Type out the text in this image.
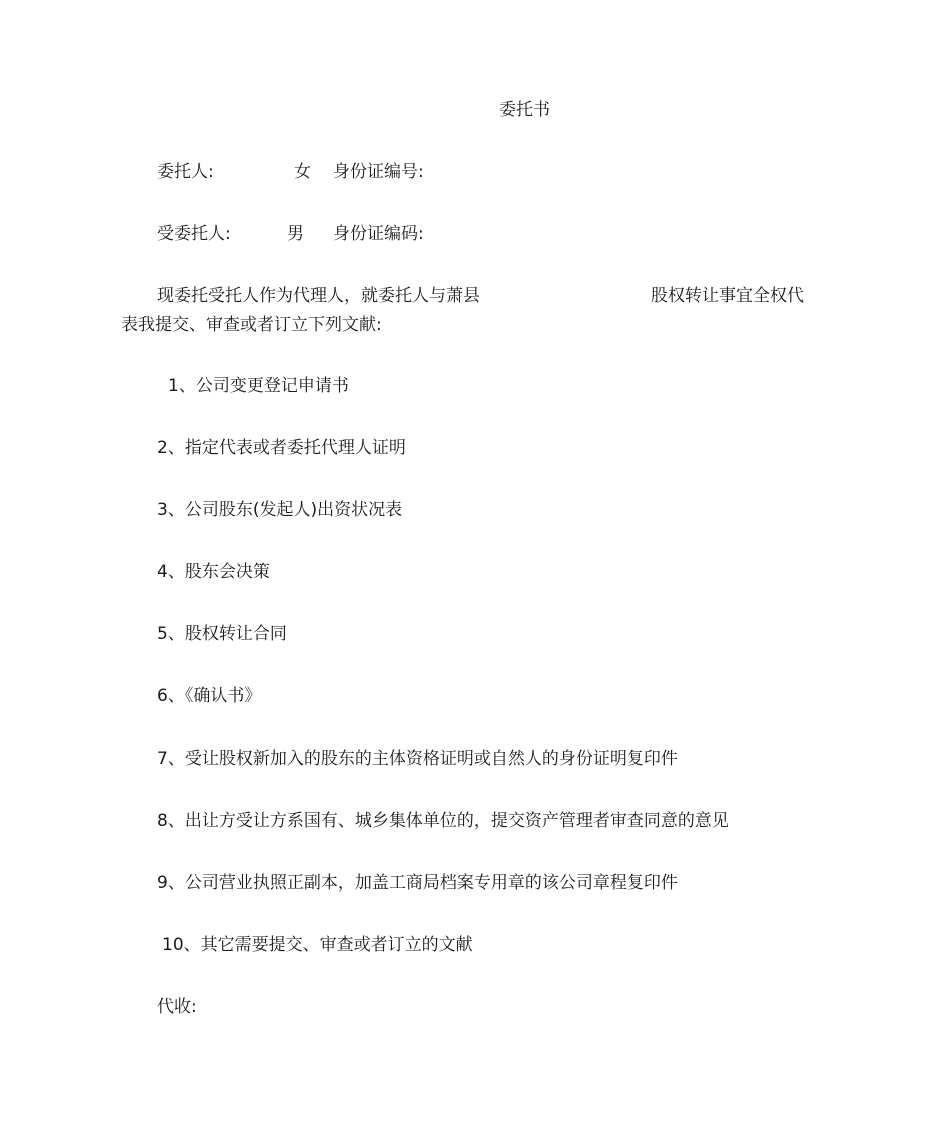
委托书
委托人:	女 身份证编号:
受委托人:	男 身份证编码:
现委托受托人作为代理人，就委托人与萧县	股权转让事宜全权代
表我提交、审查或者订立下列文献:
1、公司变更登记申请书
2、指定代表或者委托代理人证明
3、公司股东(发起人)出资状况表
4、股东会决策
5、股权转让合同
6、《确认书》
7、受让股权新加入的股东的主体资格证明或自然人的身份证明复印件
8、出让方受让方系国有、城乡集体单位的，提交资产管理者审查同意的意见
9、公司营业执照正副本，加盖工商局档案专用章的该公司章程复印件
10、其它需要提交、审查或者订立的文献
代收:
